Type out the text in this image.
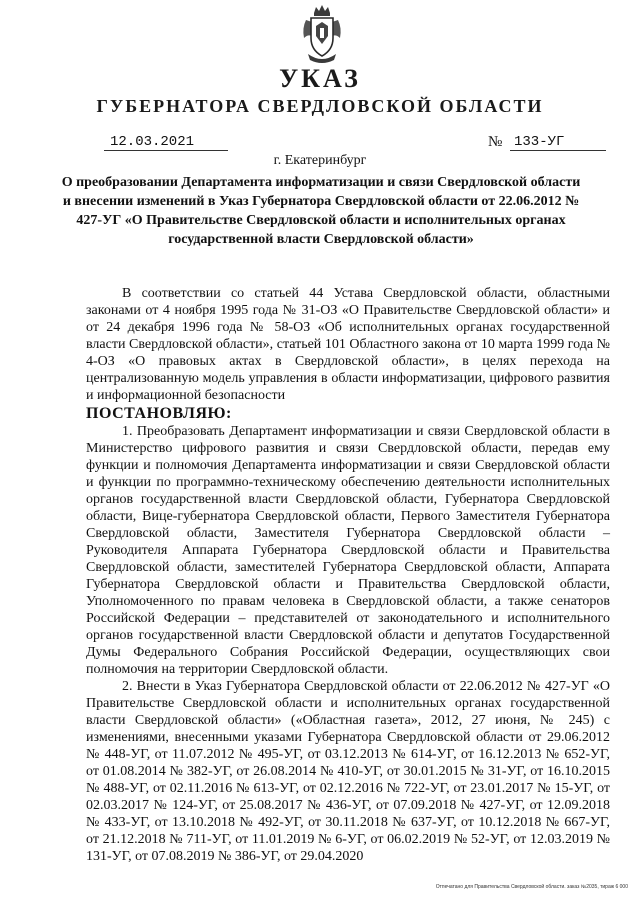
УКАЗ
ГУБЕРНАТОРА СВЕРДЛОВСКОЙ ОБЛАСТИ
12.03.2021	№ 133-УГ
г. Екатеринбург
О преобразовании Департамента информатизации и связи Свердловской области и внесении изменений в Указ Губернатора Свердловской области от 22.06.2012 № 427-УГ «О Правительстве Свердловской области и исполнительных органах государственной власти Свердловской области»

В соответствии со статьей 44 Устава Свердловской области, областными законами от 4 ноября 1995 года № 31-ОЗ «О Правительстве Свердловской области» и от 24 декабря 1996 года № 58-ОЗ «Об исполнительных органах государственной власти Свердловской области», статьей 101 Областного закона от 10 марта 1999 года № 4-ОЗ «О правовых актах в Свердловской области», в целях перехода на централизованную модель управления в области информатизации, цифрового развития и информационной безопасности

ПОСТАНОВЛЯЮ:

1. Преобразовать Департамент информатизации и связи Свердловской области в Министерство цифрового развития и связи Свердловской области, передав ему функции и полномочия Департамента информатизации и связи Свердловской области и функции по программно-техническому обеспечению деятельности исполнительных органов государственной власти Свердловской области, Губернатора Свердловской области, Вице-губернатора Свердловской области, Первого Заместителя Губернатора Свердловской области, Заместителя Губернатора Свердловской области – Руководителя Аппарата Губернатора Свердловской области и Правительства Свердловской области, заместителей Губернатора Свердловской области, Аппарата Губернатора Свердловской области и Правительства Свердловской области, Уполномоченного по правам человека в Свердловской области, а также сенаторов Российской Федерации – представителей от законодательного и исполнительного органов государственной власти Свердловской области и депутатов Государственной Думы Федерального Собрания Российской Федерации, осуществляющих свои полномочия на территории Свердловской области.

2. Внести в Указ Губернатора Свердловской области от 22.06.2012 № 427-УГ «О Правительстве Свердловской области и исполнительных органах государственной власти Свердловской области» («Областная газета», 2012, 27 июня, № 245) с изменениями, внесенными указами Губернатора Свердловской области от 29.06.2012 № 448-УГ, от 11.07.2012 № 495-УГ, от 03.12.2013 № 614-УГ, от 16.12.2013 № 652-УГ, от 01.08.2014 № 382-УГ, от 26.08.2014 № 410-УГ, от 30.01.2015 № 31-УГ, от 16.10.2015 № 488-УГ, от 02.11.2016 № 613-УГ, от 02.12.2016 № 722-УГ, от 23.01.2017 № 15-УГ, от 02.03.2017 № 124-УГ, от 25.08.2017 № 436-УГ, от 07.09.2018 № 427-УГ, от 12.09.2018 № 433-УГ, от 13.10.2018 № 492-УГ, от 30.11.2018 № 637-УГ, от 10.12.2018 № 667-УГ, от 21.12.2018 № 711-УГ, от 11.01.2019 № 6-УГ, от 06.02.2019 № 52-УГ, от 12.03.2019 № 131-УГ, от 07.08.2019 № 386-УГ, от 29.04.2020

Отпечатано для Правительства Свердловской области. заказ №2035, тираж 6 000
